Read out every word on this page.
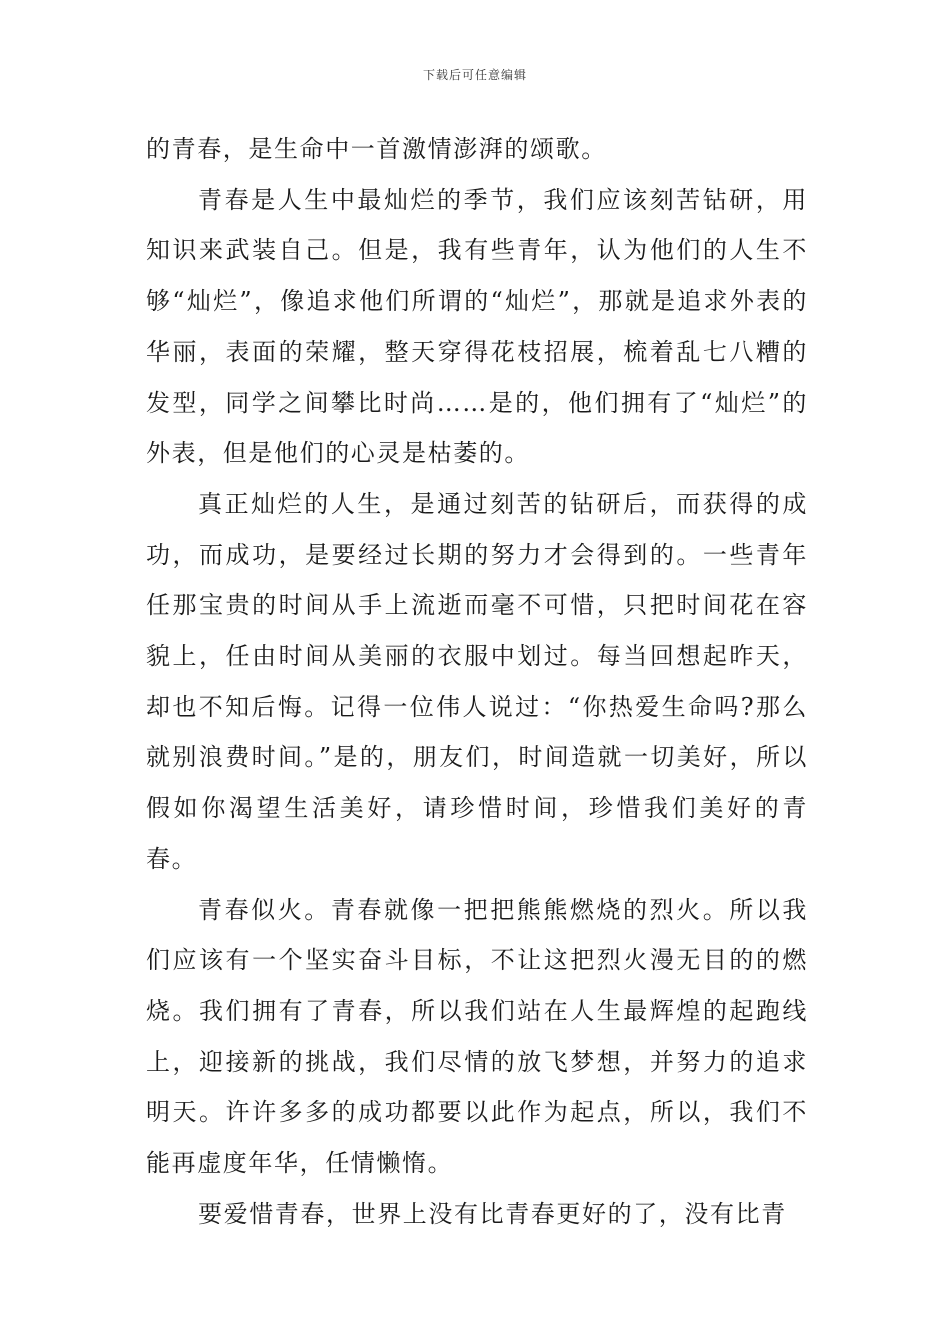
下载后可任意编辑

的青春，是生命中一首激情澎湃的颂歌。

青春是人生中最灿烂的季节，我们应该刻苦钻研，用知识来武装自己。但是，我有些青年，认为他们的人生不够“灿烂”，像追求他们所谓的“灿烂”，那就是追求外表的华丽，表面的荣耀，整天穿得花枝招展，梳着乱七八糟的发型，同学之间攀比时尚……是的，他们拥有了“灿烂”的外表，但是他们的心灵是枯萎的。

真正灿烂的人生，是通过刻苦的钻研后，而获得的成功，而成功，是要经过长期的努力才会得到的。一些青年任那宝贵的时间从手上流逝而毫不可惜，只把时间花在容貌上，任由时间从美丽的衣服中划过。每当回想起昨天，却也不知后悔。记得一位伟人说过：“你热爱生命吗?那么就别浪费时间。”是的，朋友们，时间造就一切美好，所以假如你渴望生活美好，请珍惜时间，珍惜我们美好的青春。

青春似火。青春就像一把把熊熊燃烧的烈火。所以我们应该有一个坚实奋斗目标，不让这把烈火漫无目的的燃烧。我们拥有了青春，所以我们站在人生最辉煌的起跑线上，迎接新的挑战，我们尽情的放飞梦想，并努力的追求明天。许许多多的成功都要以此作为起点，所以，我们不能再虚度年华，任情懒惰。

要爱惜青春，世界上没有比青春更好的了，没有比青
